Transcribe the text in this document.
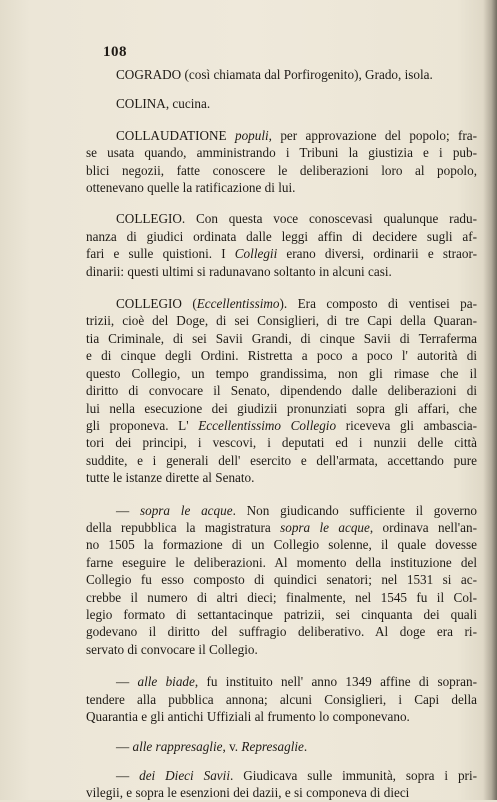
108
COGRADO (così chiamata dal Porfirogenito), Grado, isola.
COLINA, cucina.
COLLAUDATIONE populi, per approvazione del popolo; fra-
se usata quando, amministrando i Tribuni la giustizia e i pub-
blici negozii, fatte conoscere le deliberazioni loro al popolo,
ottenevano quelle la ratificazione di lui.
COLLEGIO. Con questa voce conoscevasi qualunque radu-
nanza di giudici ordinata dalle leggi affin di decidere sugli af-
fari e sulle quistioni. I Collegii erano diversi, ordinarii e straor-
dinarii: questi ultimi si radunavano soltanto in alcuni casi.
COLLEGIO (Eccellentissimo). Era composto di ventisei pa-
trizii, cioè del Doge, di sei Consiglieri, di tre Capi della Quaran-
tia Criminale, di sei Savii Grandi, di cinque Savii di Terraferma
e di cinque degli Ordini. Ristretta a poco a poco l' autorità di
questo Collegio, un tempo grandissima, non gli rimase che il
diritto di convocare il Senato, dipendendo dalle deliberazioni di
lui nella esecuzione dei giudizii pronunziati sopra gli affari, che
gli proponeva. L' Eccellentissimo Collegio riceveva gli ambascia-
tori dei principi, i vescovi, i deputati ed i nunzii delle città
suddite, e i generali dell' esercito e dell'armata, accettando pure
tutte le istanze dirette al Senato.
— sopra le acque. Non giudicando sufficiente il governo
della repubblica la magistratura sopra le acque, ordinava nell'an-
no 1505 la formazione di un Collegio solenne, il quale dovesse
farne eseguire le deliberazioni. Al momento della instituzione del
Collegio fu esso composto di quindici senatori; nel 1531 si ac-
crebbe il numero di altri dieci; finalmente, nel 1545 fu il Col-
legio formato di settantacinque patrizii, sei cinquanta dei quali
godevano il diritto del suffragio deliberativo. Al doge era ri-
servato di convocare il Collegio.
— alle biade, fu instituito nell' anno 1349 affine di sopran-
tendere alla pubblica annona; alcuni Consiglieri, i Capi della
Quarantia e gli antichi Uffiziali al frumento lo componevano.
— alle rappresaglie, v. Represaglie.
— dei Dieci Savii. Giudicava sulle immunità, sopra i pri-
vilegii, e sopra le esenzioni dei dazii, e si componeva di dieci
